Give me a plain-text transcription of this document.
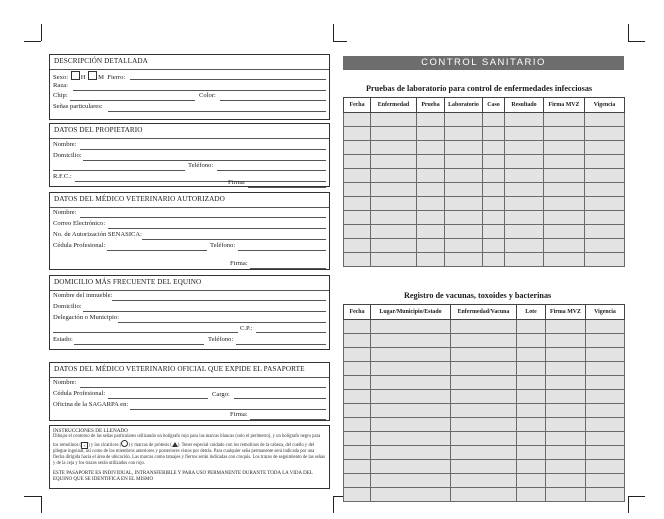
DESCRIPCIÓN DETALLADA
Sexo: H M Fierro:
Raza:
Chip:	Color:
Señas particulares:
DATOS DEL PROPIETARIO
Nombre:
Domicilio:
Teléfono:
R.F.C.:
Firma:
DATOS DEL MÉDICO VETERINARIO AUTORIZADO
Nombre:
Correo Electrónico:
No. de Autorización SENASICA:
Cédula Profesional:	Teléfono:
Firma:
DOMICILIO MÁS FRECUENTE DEL EQUINO
Nombre del inmueble:
Domicilio:
Delegación o Municipio:
C.P.:
Estado:	Teléfono:
DATOS DEL MÉDICO VETERINARIO OFICIAL QUE EXPIDE EL PASAPORTE
Nombre:
Cédula Profesional:	Cargo:
Oficina de la SAGARPA en:
Firma:
INSTRUCCIONES DE LLENADO
Dibujar el contorno de las señas particulares utilizando un bolígrafo rojo para las marcas blancas (solo el perímetro), y un bolígrafo negro para los remolinos ( × ) y las cicatrices ( ) y marcas de prótesis ( ). Tener especial cuidado con los remolinos de la cabeza, del cuello y del pliegue inguinal, así como de los miembros anteriores y posteriores vistos por detrás. Para cualquier seña permanente será indicada por una flecha dirigida hacia el área de ubicación. Las marcas como tatuajes y fierros serán indicadas con croquis. Los trazos de seguimiento de las señas y de la ceja y los trazos serán utilizados con rojo.
ESTE PASAPORTE ES INDIVIDUAL, INTRANSFERIBLE Y PARA USO PERMANENTE DURANTE TODA LA VIDA DEL EQUINO QUE SE IDENTIFICA EN EL MISMO
CONTROL SANITARIO
Pruebas de laboratorio para control de enfermedades infecciosas
Fecha	Enfermedad	Prueba	Laboratorio	Caso	Resultado	Firma MVZ	Vigencia

Registro de vacunas, toxoides y bacterinas
Fecha	Lugar/Municipio/Estado	Enfermedad/Vacuna	Lote	Firma MVZ	Vigencia
